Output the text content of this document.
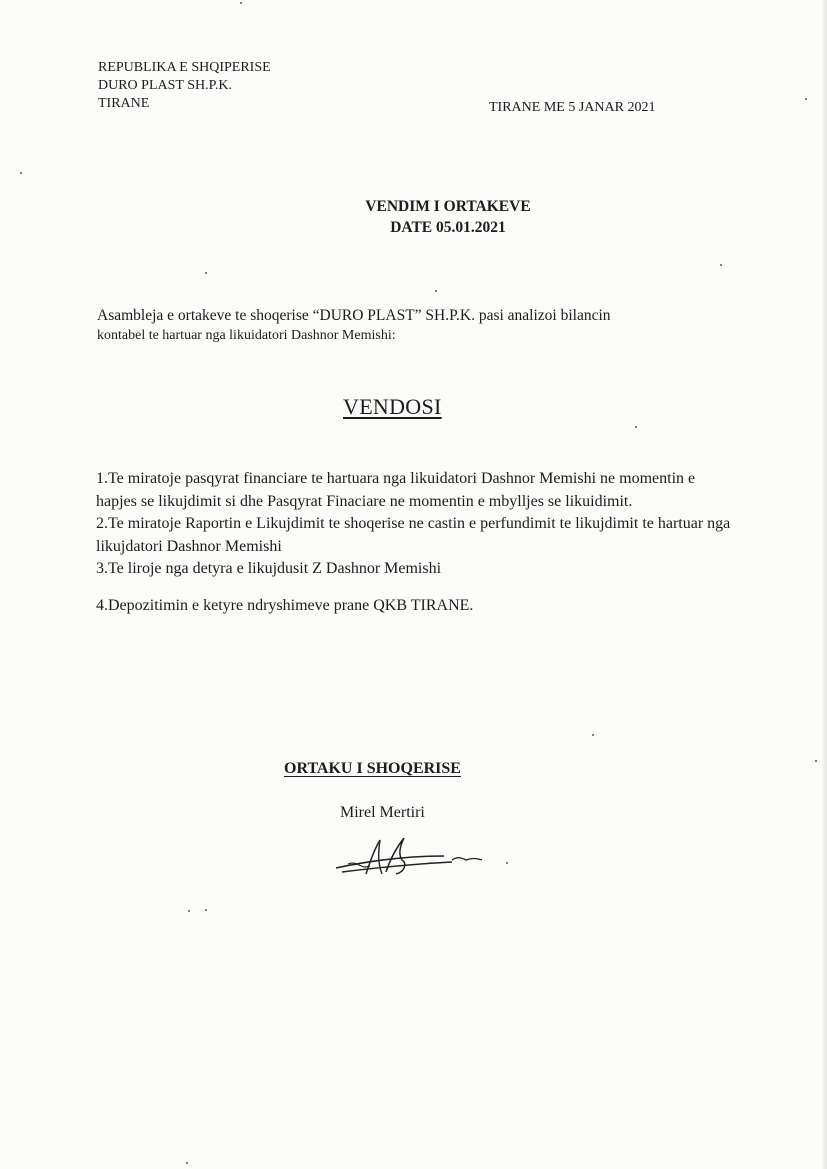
REPUBLIKA E SHQIPERISE
DURO PLAST SH.P.K.
TIRANE	TIRANE ME 5 JANAR 2021
VENDIM I ORTAKEVE
DATE 05.01.2021
Asambleja e ortakeve te shoqerise “DURO PLAST” SH.P.K. pasi analizoi bilancin
kontabel te hartuar nga likuidatori Dashnor Memishi:
VENDOSI
1.Te miratoje pasqyrat financiare te hartuara nga likuidatori Dashnor Memishi ne momentin e hapjes se likujdimit si dhe Pasqyrat Finaciare ne momentin e mbylljes se likuidimit.
2.Te miratoje Raportin e Likujdimit te shoqerise ne castin e perfundimit te likujdimit te hartuar nga likujdatori Dashnor Memishi
3.Te liroje nga detyra e likujdusit Z Dashnor Memishi
4.Depozitimin e ketyre ndryshimeve prane QKB TIRANE.
ORTAKU I SHOQERISE
Mirel Mertiri
